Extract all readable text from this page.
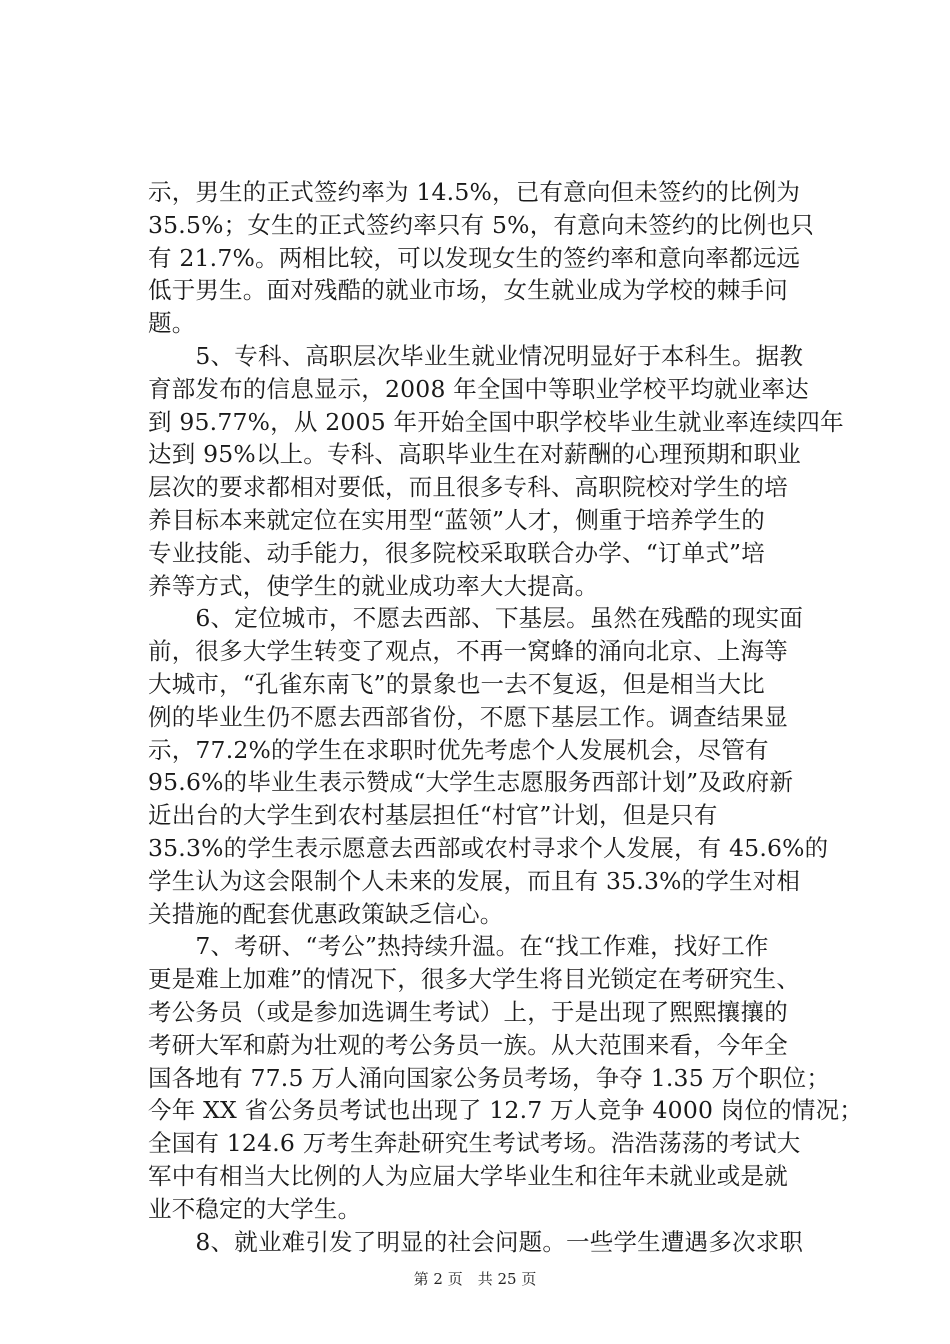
示，男生的正式签约率为 14.5%，已有意向但未签约的比例为
35.5%；女生的正式签约率只有 5%，有意向未签约的比例也只
有 21.7%。两相比较，可以发现女生的签约率和意向率都远远
低于男生。面对残酷的就业市场，女生就业成为学校的棘手问
题。
　　5、专科、高职层次毕业生就业情况明显好于本科生。据教
育部发布的信息显示，2008 年全国中等职业学校平均就业率达
到 95.77%，从 2005 年开始全国中职学校毕业生就业率连续四年
达到 95%以上。专科、高职毕业生在对薪酬的心理预期和职业
层次的要求都相对要低，而且很多专科、高职院校对学生的培
养目标本来就定位在实用型“蓝领”人才，侧重于培养学生的
专业技能、动手能力，很多院校采取联合办学、“订单式”培
养等方式，使学生的就业成功率大大提高。
　　6、定位城市，不愿去西部、下基层。虽然在残酷的现实面
前，很多大学生转变了观点，不再一窝蜂的涌向北京、上海等
大城市，“孔雀东南飞”的景象也一去不复返，但是相当大比
例的毕业生仍不愿去西部省份，不愿下基层工作。调查结果显
示，77.2%的学生在求职时优先考虑个人发展机会，尽管有
95.6%的毕业生表示赞成“大学生志愿服务西部计划”及政府新
近出台的大学生到农村基层担任“村官”计划，但是只有
35.3%的学生表示愿意去西部或农村寻求个人发展，有 45.6%的
学生认为这会限制个人未来的发展，而且有 35.3%的学生对相
关措施的配套优惠政策缺乏信心。
　　7、考研、“考公”热持续升温。在“找工作难，找好工作
更是难上加难”的情况下，很多大学生将目光锁定在考研究生、
考公务员（或是参加选调生考试）上，于是出现了熙熙攘攘的
考研大军和蔚为壮观的考公务员一族。从大范围来看，今年全
国各地有 77.5 万人涌向国家公务员考场，争夺 1.35 万个职位；
今年 XX 省公务员考试也出现了 12.7 万人竞争 4000 岗位的情况；
全国有 124.6 万考生奔赴研究生考试考场。浩浩荡荡的考试大
军中有相当大比例的人为应届大学毕业生和往年未就业或是就
业不稳定的大学生。
　　8、就业难引发了明显的社会问题。一些学生遭遇多次求职
第 2 页　共 25 页
